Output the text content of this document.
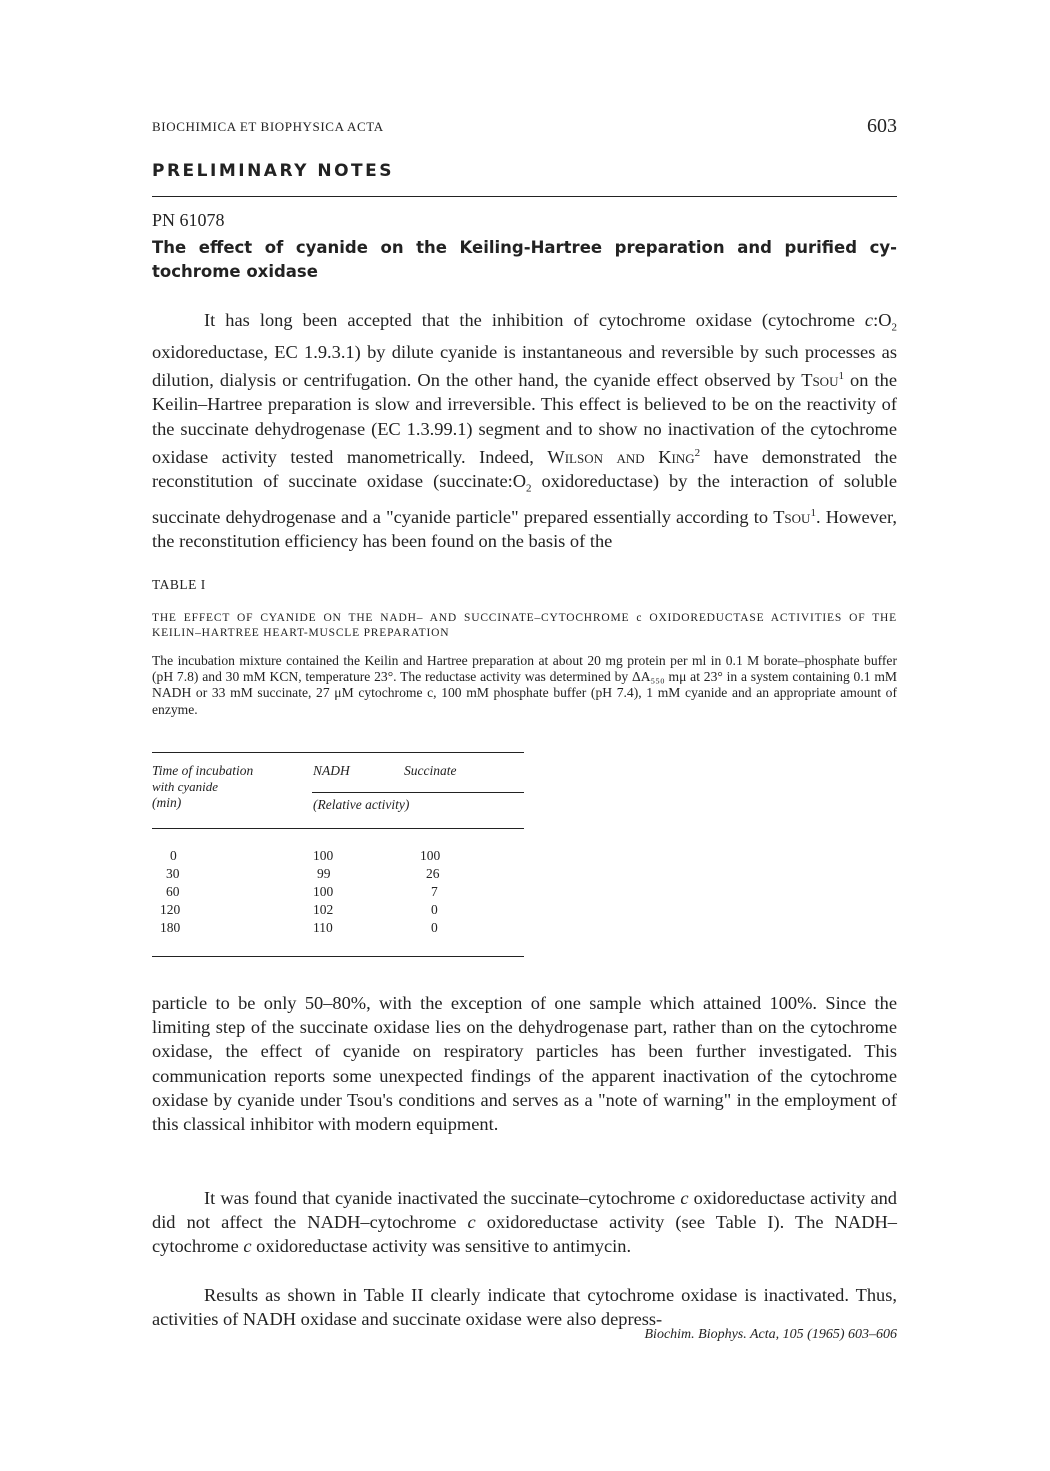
BIOCHIMICA ET BIOPHYSICA ACTA	603
PRELIMINARY NOTES
PN 61078
The effect of cyanide on the Keiling-Hartree preparation and purified cy-tochrome oxidase

It has long been accepted that the inhibition of cytochrome oxidase (cytochrome $c:O_2$ oxidoreductase, EC 1.9.3.1) by dilute cyanide is instantaneous and reversible by such processes as dilution, dialysis or centrifugation. On the other hand, the cyanide effect observed by Tsou$^1$ on the Keilin–Hartree preparation is slow and irreversible. This effect is believed to be on the reactivity of the succinate dehydrogenase (EC 1.3.99.1) segment and to show no inactivation of the cytochrome oxidase activity tested manometrically. Indeed, Wilson and King$^2$ have demonstrated the reconstitution of succinate oxidase ($succinate:O_2$ oxidoreductase) by the interaction of soluble succinate dehydrogenase and a "cyanide particle" prepared essentially according to Tsou$^1$. However, the reconstitution efficiency has been found on the basis of the

TABLE I
THE EFFECT OF CYANIDE ON THE NADH– AND SUCCINATE–CYTOCHROME c OXIDOREDUCTASE ACTIVITIES OF THE KEILIN–HARTREE HEART-MUSCLE PREPARATION
The incubation mixture contained the Keilin and Hartree preparation at about 20 mg protein per ml in 0.1 M borate–phosphate buffer (pH 7.8) and 30 mM KCN, temperature 23°. The reductase activity was determined by ΔA₅₅₀ mμ at 23° in a system containing 0.1 mM NADH or 33 mM succinate, 27 μM cytochrome c, 100 mM phosphate buffer (pH 7.4), 1 mM cyanide and an appropriate amount of enzyme.
Time of incubation
with cyanide
(min)
NADH	Succinate
(Relative activity)
0	100	100
30	99	26
60	100	7
120	102	0
180	110	0

particle to be only 50–80%, with the exception of one sample which attained 100%. Since the limiting step of the succinate oxidase lies on the dehydrogenase part, rather than on the cytochrome oxidase, the effect of cyanide on respiratory particles has been further investigated. This communication reports some unexpected findings of the apparent inactivation of the cytochrome oxidase by cyanide under Tsou's conditions and serves as a "note of warning" in the employment of this classical inhibitor with modern equipment.

It was found that cyanide inactivated the succinate–cytochrome c oxidoreductase activity and did not affect the NADH–cytochrome c oxidoreductase activity (see Table I). The NADH–cytochrome c oxidoreductase activity was sensitive to antimycin.

Results as shown in Table II clearly indicate that cytochrome oxidase is inactivated. Thus, activities of NADH oxidase and succinate oxidase were also depress-

Biochim. Biophys. Acta, 105 (1965) 603–606
